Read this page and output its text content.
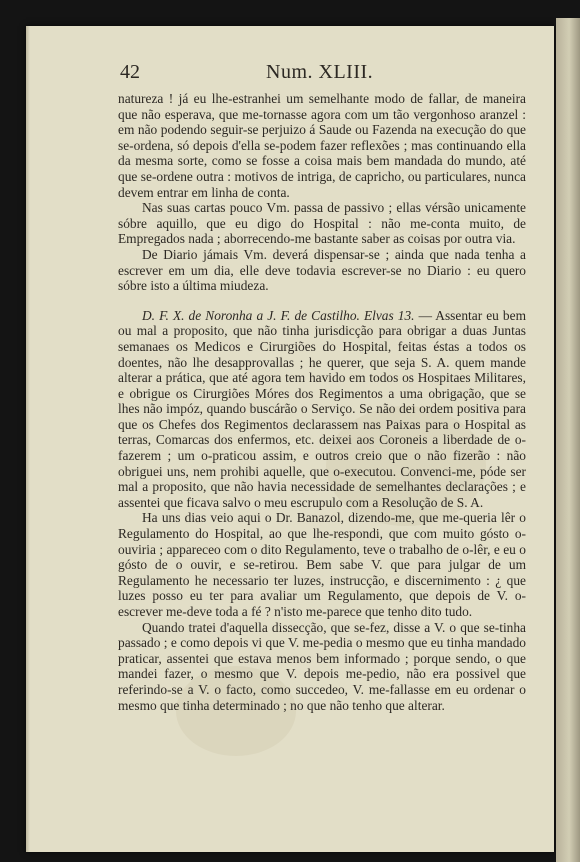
42	Num. XLIII.

natureza ! já eu lhe-estranhei um semelhante modo de fallar, de maneira que não esperava, que me-tornasse agora com um tão vergonhoso aranzel : em não podendo seguir-se perjuizo á Saude ou Fazenda na execução do que se-ordena, só depois d'ella se-podem fazer reflexões ; mas continuando ella da mesma sorte, como se fosse a coisa mais bem mandada do mundo, até que se-ordene outra : motivos de intriga, de capricho, ou particulares, nunca devem entrar em linha de conta.

Nas suas cartas pouco Vm. passa de passivo ; ellas vérsão unicamente sóbre aquillo, que eu digo do Hospital : não me-conta muito, de Empregados nada ; aborrecendo-me bastante saber as coisas por outra via.

De Diario jámais Vm. deverá dispensar-se ; ainda que nada tenha a escrever em um dia, elle deve todavia escrever-se no Diario : eu quero sóbre isto a última miudeza.

D. F. X. de Noronha a J. F. de Castilho. Elvas 13. — Assentar eu bem ou mal a proposito, que não tinha jurisdicção para obrigar a duas Juntas semanaes os Medicos e Cirurgiões do Hospital, feitas éstas a todos os doentes, não lhe desapprovallas ; he querer, que seja S. A. quem mande alterar a prática, que até agora tem havido em todos os Hospitaes Militares, e obrigue os Cirurgiões Móres dos Regimentos a uma obrigação, que se lhes não impóz, quando buscárão o Serviço. Se não dei ordem positiva para que os Chefes dos Regimentos declarassem nas Paixas para o Hospital as terras, Comarcas dos enfermos, etc. deixei aos Coroneis a liberdade de o-fazerem ; um o-praticou assim, e outros creio que o não fizerão : não obriguei uns, nem prohibi aquelle, que o-executou. Convenci-me, póde ser mal a proposito, que não havia necessidade de semelhantes declarações ; e assentei que ficava salvo o meu escrupulo com a Resolução de S. A.

Ha uns dias veio aqui o Dr. Banazol, dizendo-me, que me-queria lêr o Regulamento do Hospital, ao que lhe-respondi, que com muito gósto o-ouviria ; appareceo com o dito Regulamento, teve o trabalho de o-lêr, e eu o gósto de o ouvir, e se-retirou. Bem sabe V. que para julgar de um Regulamento he necessario ter luzes, instrucção, e discernimento : ¿ que luzes posso eu ter para avaliar um Regulamento, que depois de V. o-escrever me-deve toda a fé ? n'isto me-parece que tenho dito tudo.

Quando tratei d'aquella dissecção, que se-fez, disse a V. o que se-tinha passado ; e como depois vi que V. me-pedia o mesmo que eu tinha mandado praticar, assentei que estava menos bem informado ; porque sendo, o que mandei fazer, o mesmo que V. depois me-pedio, não era possivel que referindo-se a V. o facto, como succedeo, V. me-fallasse em eu ordenar o mesmo que tinha determinado ; no que não tenho que alterar.
